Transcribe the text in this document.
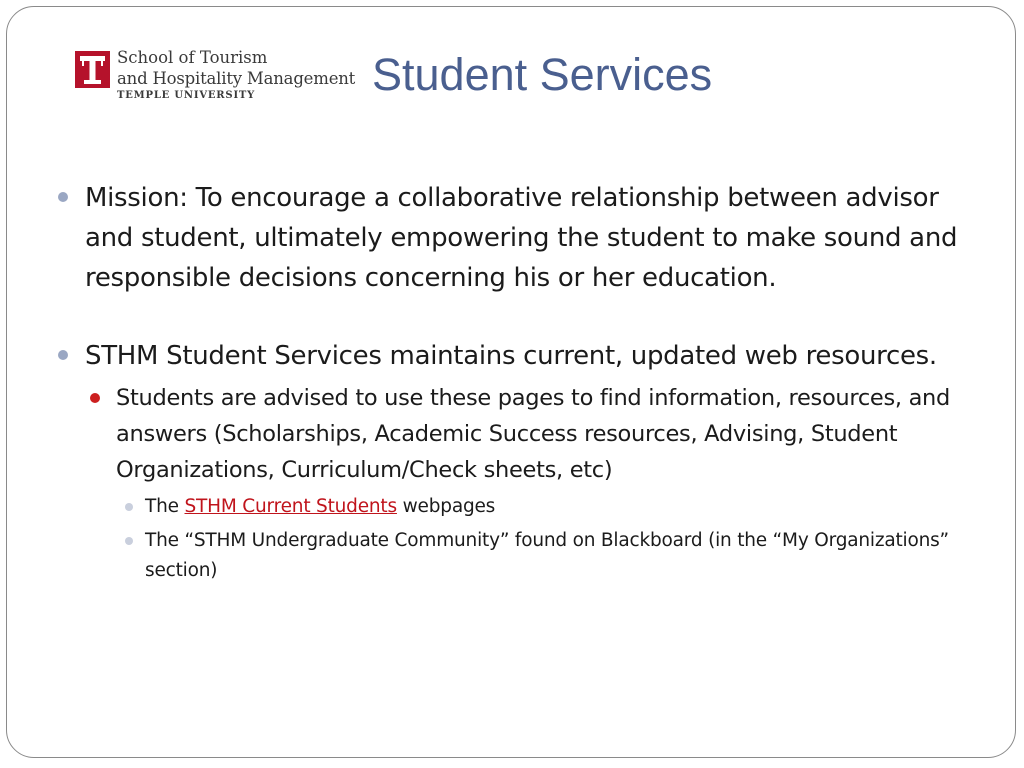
School of Tourism
and Hospitality Management
TEMPLE UNIVERSITY	Student Services
Mission: To encourage a collaborative relationship between advisor and student, ultimately empowering the student to make sound and responsible decisions concerning his or her education.
STHM Student Services maintains current, updated web resources.
Students are advised to use these pages to find information, resources, and answers (Scholarships, Academic Success resources, Advising, Student Organizations, Curriculum/Check sheets, etc)
The STHM Current Students webpages
The “STHM Undergraduate Community” found on Blackboard (in the “My Organizations” section)
